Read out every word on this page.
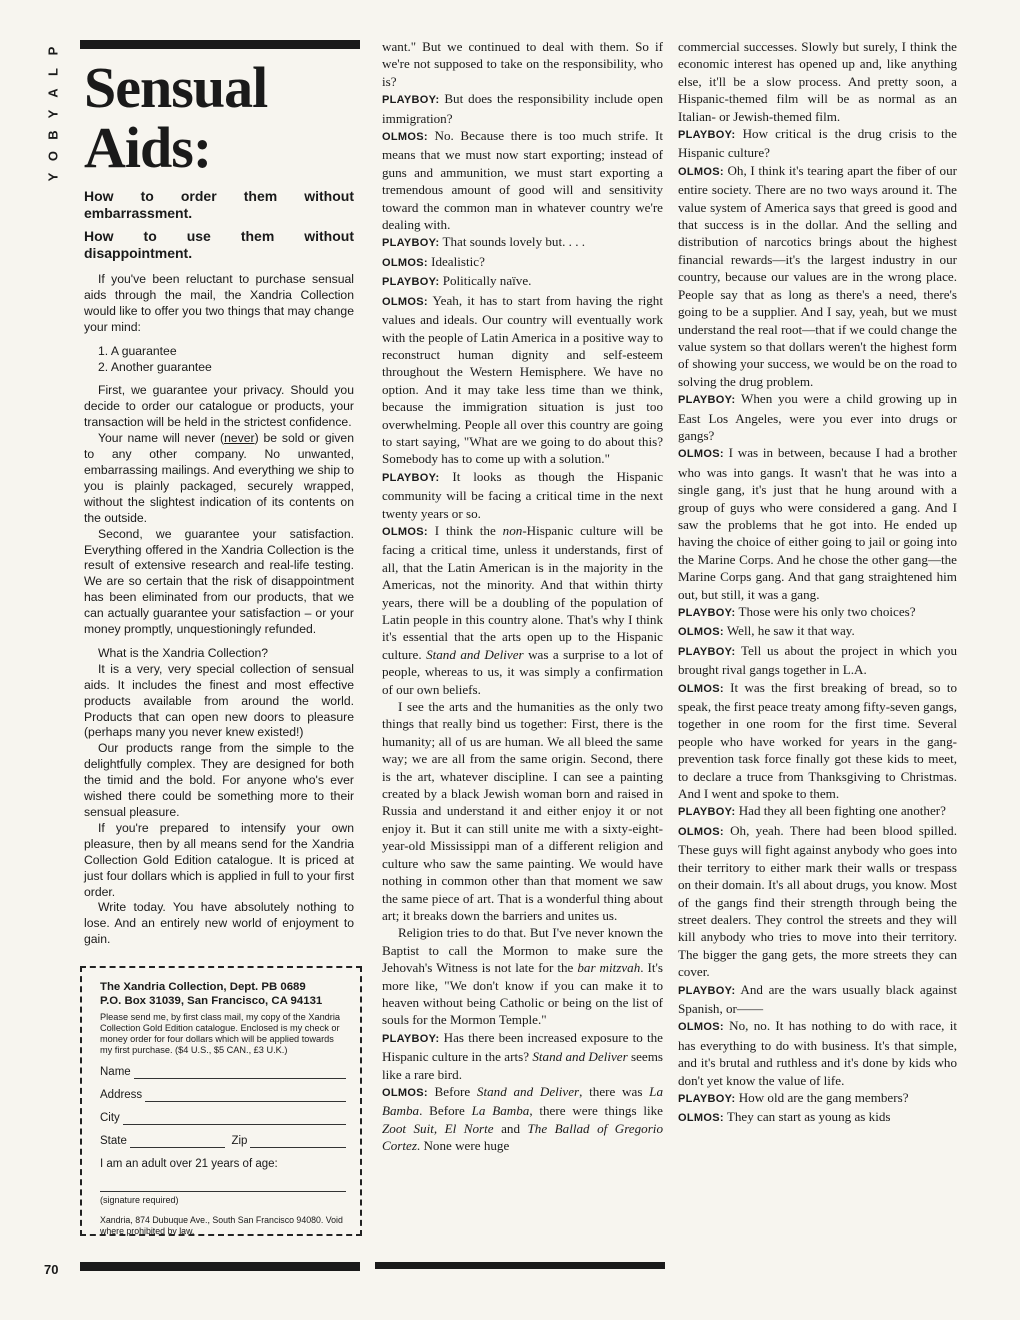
P
L
A
Y
B
O
Y
70
Sensual
Aids:
How to order them without embarrassment.
How to use them without disappointment.

If you've been reluctant to purchase sensual aids through the mail, the Xandria Collection would like to offer you two things that may change your mind:

1. A guarantee

2. Another guarantee

First, we guarantee your privacy. Should you decide to order our catalogue or products, your transaction will be held in the strictest confidence.

Your name will never (never) be sold or given to any other company. No unwanted, embarrassing mailings. And everything we ship to you is plainly packaged, securely wrapped, without the slightest indication of its contents on the outside.

Second, we guarantee your satisfaction. Everything offered in the Xandria Collection is the result of extensive research and real-life testing. We are so certain that the risk of disappointment has been eliminated from our products, that we can actually guarantee your satisfaction – or your money promptly, unquestioningly refunded.

What is the Xandria Collection?

It is a very, very special collection of sensual aids. It includes the finest and most effective products available from around the world. Products that can open new doors to pleasure (perhaps many you never knew existed!)

Our products range from the simple to the delightfully complex. They are designed for both the timid and the bold. For anyone who's ever wished there could be something more to their sensual pleasure.

If you're prepared to intensify your own pleasure, then by all means send for the Xandria Collection Gold Edition catalogue. It is priced at just four dollars which is applied in full to your first order.

Write today. You have absolutely nothing to lose. And an entirely new world of enjoyment to gain.

The Xandria Collection, Dept. PB 0689
P.O. Box 31039, San Francisco, CA 94131
Please send me, by first class mail, my copy of the Xandria Collection Gold Edition catalogue. Enclosed is my check or money order for four dollars which will be applied towards my first purchase. ($4 U.S., $5 CAN., £3 U.K.)
Name
Address
City
State	Zip
I am an adult over 21 years of age:
(signature required)
Xandria, 874 Dubuque Ave., South San Francisco 94080. Void where prohibited by law.

want." But we continued to deal with them. So if we're not supposed to take on the responsibility, who is?

PLAYBOY: But does the responsibility include open immigration?

OLMOS: No. Because there is too much strife. It means that we must now start exporting; instead of guns and ammunition, we must start exporting a tremendous amount of good will and sensitivity toward the common man in whatever country we're dealing with.

PLAYBOY: That sounds lovely but. . . .

OLMOS: Idealistic?

PLAYBOY: Politically naïve.

OLMOS: Yeah, it has to start from having the right values and ideals. Our country will eventually work with the people of Latin America in a positive way to reconstruct human dignity and self-esteem throughout the Western Hemisphere. We have no option. And it may take less time than we think, because the immigration situation is just too overwhelming. People all over this country are going to start saying, "What are we going to do about this? Somebody has to come up with a solution."

PLAYBOY: It looks as though the Hispanic community will be facing a critical time in the next twenty years or so.

OLMOS: I think the non-Hispanic culture will be facing a critical time, unless it understands, first of all, that the Latin American is in the majority in the Americas, not the minority. And that within thirty years, there will be a doubling of the population of Latin people in this country alone. That's why I think it's essential that the arts open up to the Hispanic culture. Stand and Deliver was a surprise to a lot of people, whereas to us, it was simply a confirmation of our own beliefs.

I see the arts and the humanities as the only two things that really bind us together: First, there is the humanity; all of us are human. We all bleed the same way; we are all from the same origin. Second, there is the art, whatever discipline. I can see a painting created by a black Jewish woman born and raised in Russia and understand it and either enjoy it or not enjoy it. But it can still unite me with a sixty-eight-year-old Mississippi man of a different religion and culture who saw the same painting. We would have nothing in common other than that moment we saw the same piece of art. That is a wonderful thing about art; it breaks down the barriers and unites us.

Religion tries to do that. But I've never known the Baptist to call the Mormon to make sure the Jehovah's Witness is not late for the bar mitzvah. It's more like, "We don't know if you can make it to heaven without being Catholic or being on the list of souls for the Mormon Temple."

PLAYBOY: Has there been increased exposure to the Hispanic culture in the arts? Stand and Deliver seems like a rare bird.

OLMOS: Before Stand and Deliver, there was La Bamba. Before La Bamba, there were things like Zoot Suit, El Norte and The Ballad of Gregorio Cortez. None were huge

commercial successes. Slowly but surely, I think the economic interest has opened up and, like anything else, it'll be a slow process. And pretty soon, a Hispanic-themed film will be as normal as an Italian- or Jewish-themed film.

PLAYBOY: How critical is the drug crisis to the Hispanic culture?

OLMOS: Oh, I think it's tearing apart the fiber of our entire society. There are no two ways around it. The value system of America says that greed is good and that success is in the dollar. And the selling and distribution of narcotics brings about the highest financial rewards—it's the largest industry in our country, because our values are in the wrong place. People say that as long as there's a need, there's going to be a supplier. And I say, yeah, but we must understand the real root—that if we could change the value system so that dollars weren't the highest form of showing your success, we would be on the road to solving the drug problem.

PLAYBOY: When you were a child growing up in East Los Angeles, were you ever into drugs or gangs?

OLMOS: I was in between, because I had a brother who was into gangs. It wasn't that he was into a single gang, it's just that he hung around with a group of guys who were considered a gang. And I saw the problems that he got into. He ended up having the choice of either going to jail or going into the Marine Corps. And he chose the other gang—the Marine Corps gang. And that gang straightened him out, but still, it was a gang.

PLAYBOY: Those were his only two choices?

OLMOS: Well, he saw it that way.

PLAYBOY: Tell us about the project in which you brought rival gangs together in L.A.

OLMOS: It was the first breaking of bread, so to speak, the first peace treaty among fifty-seven gangs, together in one room for the first time. Several people who have worked for years in the gang-prevention task force finally got these kids to meet, to declare a truce from Thanksgiving to Christmas. And I went and spoke to them.

PLAYBOY: Had they all been fighting one another?

OLMOS: Oh, yeah. There had been blood spilled. These guys will fight against anybody who goes into their territory to either mark their walls or trespass on their domain. It's all about drugs, you know. Most of the gangs find their strength through being the street dealers. They control the streets and they will kill anybody who tries to move into their territory. The bigger the gang gets, the more streets they can cover.

PLAYBOY: And are the wars usually black against Spanish, or——

OLMOS: No, no. It has nothing to do with race, it has everything to do with business. It's that simple, and it's brutal and ruthless and it's done by kids who don't yet know the value of life.

PLAYBOY: How old are the gang members?

OLMOS: They can start as young as kids
